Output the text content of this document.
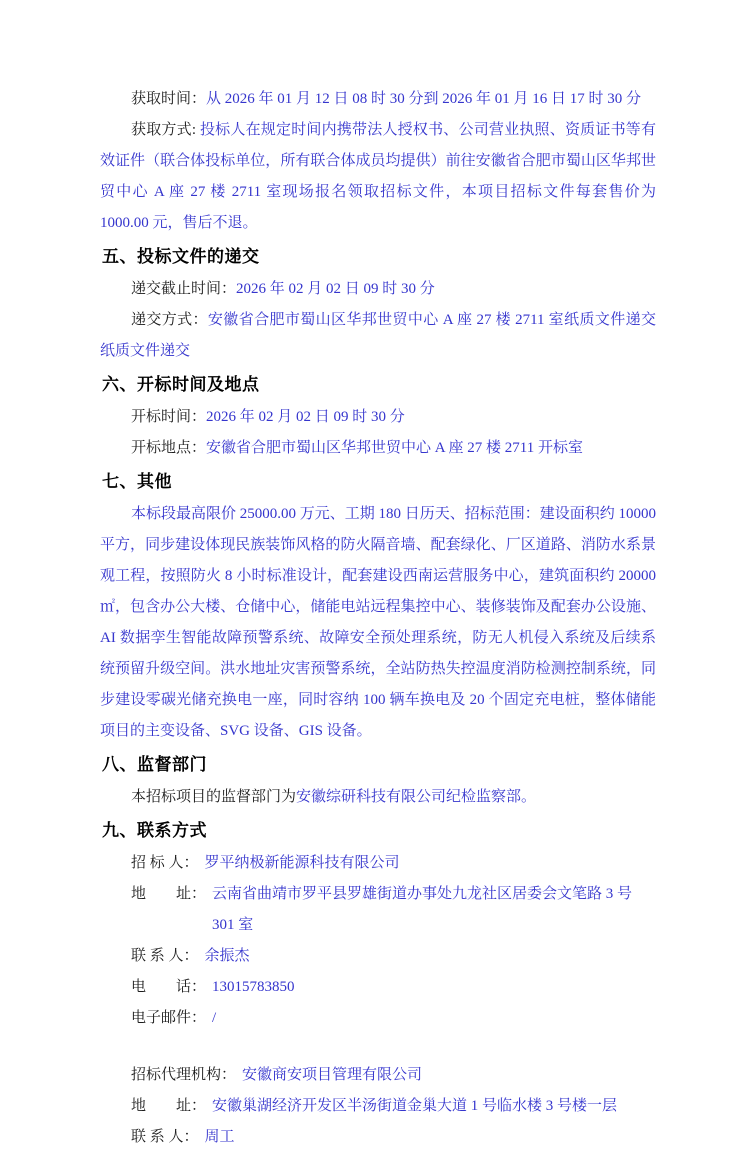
获取时间：从 2026 年 01 月 12 日 08 时 30 分到 2026 年 01 月 16 日 17 时 30 分

获取方式: 投标人在规定时间内携带法人授权书、公司营业执照、资质证书等有效证件（联合体投标单位，所有联合体成员均提供）前往安徽省合肥市蜀山区华邦世贸中心 A 座 27 楼 2711 室现场报名领取招标文件，本项目招标文件每套售价为 1000.00 元，售后不退。

五、投标文件的递交

递交截止时间：2026 年 02 月 02 日 09 时 30 分

递交方式：安徽省合肥市蜀山区华邦世贸中心 A 座 27 楼 2711 室纸质文件递交纸质文件递交

六、开标时间及地点

开标时间：2026 年 02 月 02 日 09 时 30 分

开标地点：安徽省合肥市蜀山区华邦世贸中心 A 座 27 楼 2711 开标室

七、其他

本标段最高限价 25000.00 万元、工期 180 日历天、招标范围：建设面积约 10000 平方，同步建设体现民族装饰风格的防火隔音墙、配套绿化、厂区道路、消防水系景观工程，按照防火 8 小时标准设计，配套建设西南运营服务中心，建筑面积约 20000㎡，包含办公大楼、仓储中心，储能电站远程集控中心、装修装饰及配套办公设施、AI 数据孪生智能故障预警系统、故障安全预处理系统，防无人机侵入系统及后续系统预留升级空间。洪水地址灾害预警系统，全站防热失控温度消防检测控制系统，同步建设零碳光储充换电一座，同时容纳 100 辆车换电及 20 个固定充电桩，整体储能项目的主变设备、SVG 设备、GIS 设备。

八、监督部门

本招标项目的监督部门为安徽综研科技有限公司纪检监察部。

九、联系方式
招 标 人： 罗平纳极新能源科技有限公司
地　　址： 云南省曲靖市罗平县罗雄街道办事处九龙社区居委会文笔路 3 号 301 室
联 系 人： 余振杰
电　　话： 13015783850
电子邮件： /
招标代理机构： 安徽商安项目管理有限公司
地　　址： 安徽巢湖经济开发区半汤街道金巢大道 1 号临水楼 3 号楼一层
联 系 人： 周工
